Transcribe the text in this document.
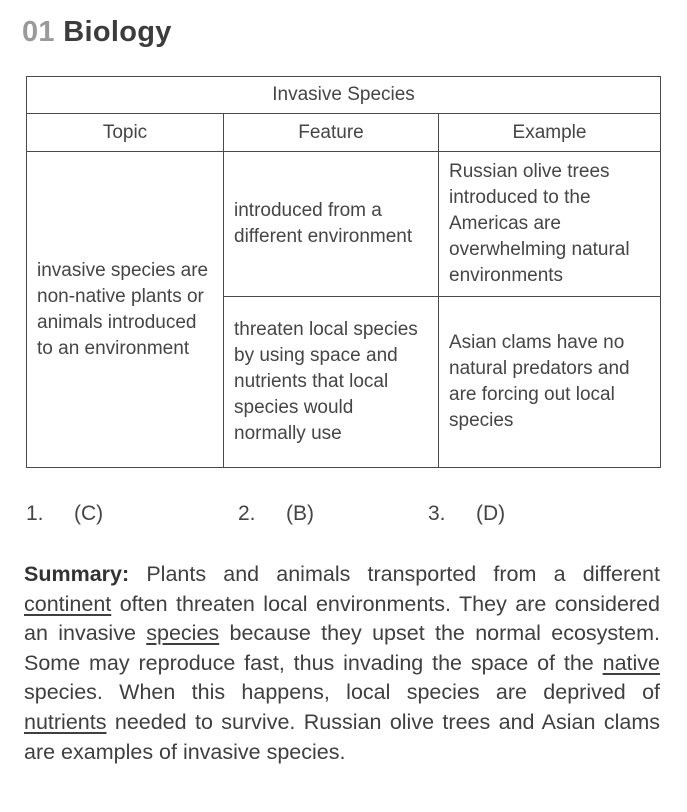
01 Biology
Invasive Species		
Topic	Feature	Example
invasive species are non-native plants or animals introduced to an environment	introduced from a different environment	Russian olive trees introduced to the Americas are overwhelming natural environments
	threaten local species by using space and nutrients that local species would normally use	Asian clams have no natural predators and are forcing out local species
1. (C)	2. (B)	3. (D)

Summary: Plants and animals transported from a different continent often threaten local environments. They are considered an invasive species because they upset the normal ecosystem. Some may reproduce fast, thus invading the space of the native species. When this happens, local species are deprived of nutrients needed to survive. Russian olive trees and Asian clams are examples of invasive species.
